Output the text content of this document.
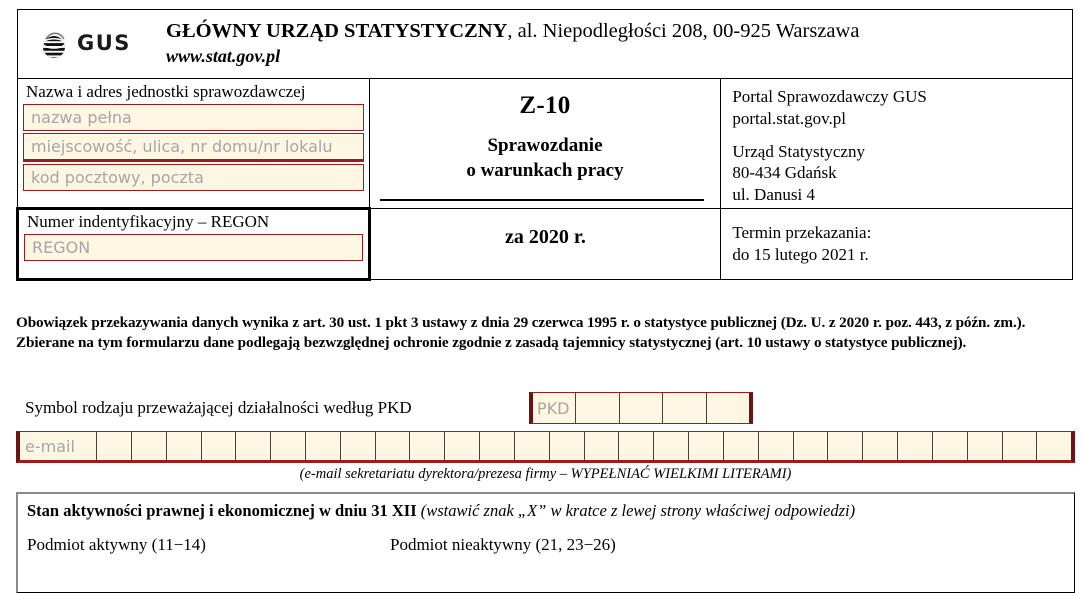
GUS GŁÓWNY URZĄD STATYSTYCZNY, al. Niepodległości 208, 00-925 Warszawa
www.stat.gov.pl		

Nazwa i adres jednostki sprawozdawczej
nazwa pełna
miejscowość, ulica, nr domu/nr lokalu
kod pocztowy, poczta

Z-10
Sprawozdanie
o warunkach pracy

Portal Sprawozdawczy GUS
portal.stat.gov.pl
Urząd Statystyczny
80-434 Gdańsk
ul. Danusi 4

Numer indentyfikacyjny – REGON
REGON	za 2020 r.	Termin przekazania:
do 15 lutego 2021 r.
Obowiązek przekazywania danych wynika z art. 30 ust. 1 pkt 3 ustawy z dnia 29 czerwca 1995 r. o statystyce publicznej (Dz. U. z 2020 r. poz. 443, z późn. zm.).
Zbierane na tym formularzu dane podlegają bezwzględnej ochronie zgodnie z zasadą tajemnicy statystycznej (art. 10 ustawy o statystyce publicznej).
Symbol rodzaju przeważającej działalności według PKD	PKD
e-mail
(e-mail sekretariatu dyrektora/prezesa firmy – WYPEŁNIAĆ WIELKIMI LITERAMI)
Stan aktywności prawnej i ekonomicznej w dniu 31 XII (wstawić znak „X” w kratce z lewej strony właściwej odpowiedzi)
Podmiot aktywny (11−14)	Podmiot nieaktywny (21, 23−26)
